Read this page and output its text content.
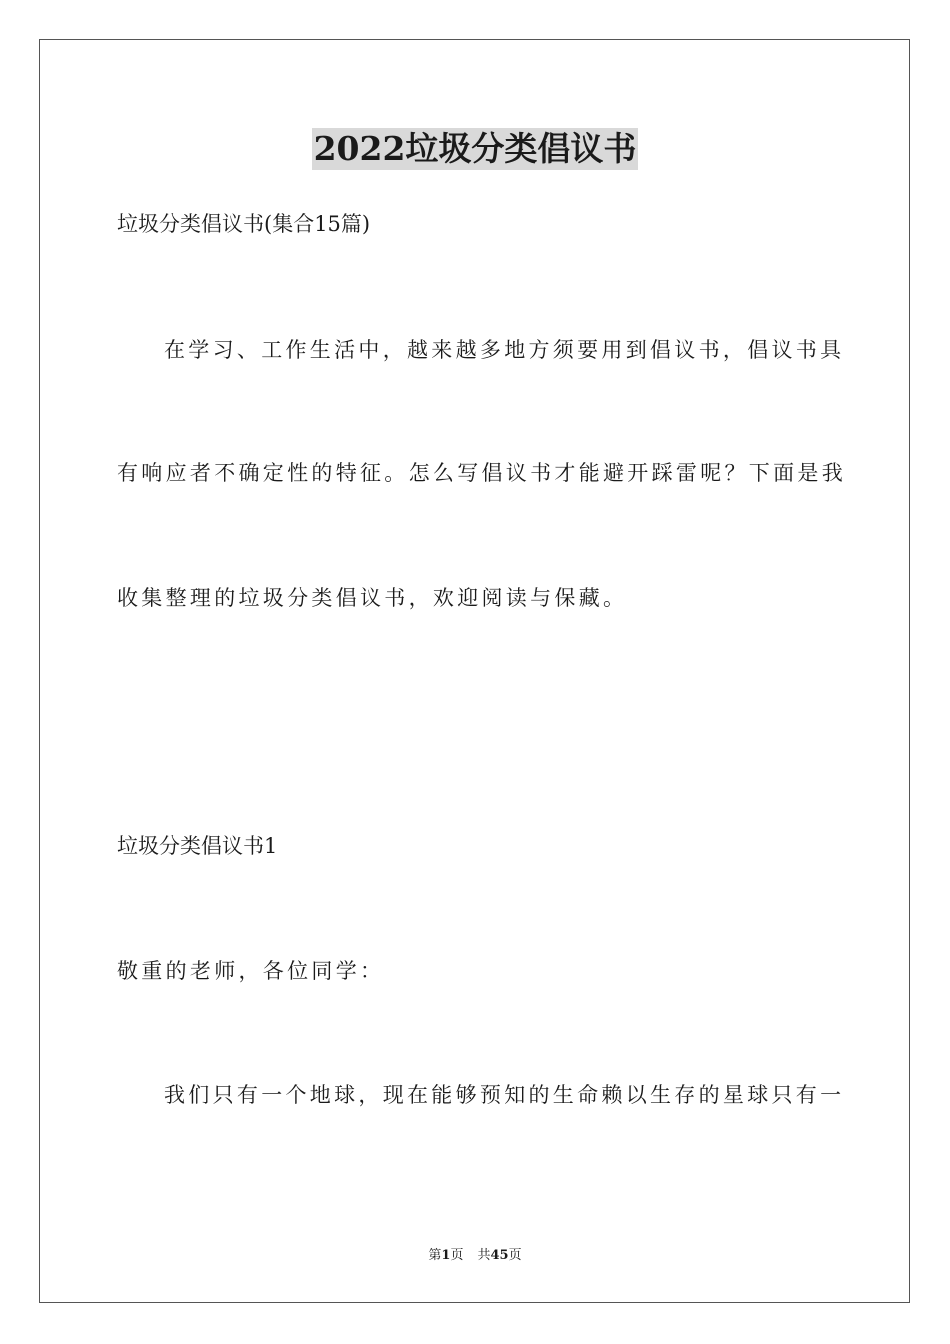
2022垃圾分类倡议书
垃圾分类倡议书(集合15篇)
在学习、工作生活中，越来越多地方须要用到倡议书，倡议书具
有响应者不确定性的特征。怎么写倡议书才能避开踩雷呢？下面是我
收集整理的垃圾分类倡议书，欢迎阅读与保藏。
垃圾分类倡议书1
敬重的老师，各位同学：
我们只有一个地球，现在能够预知的生命赖以生存的星球只有一
第1页 共45页
